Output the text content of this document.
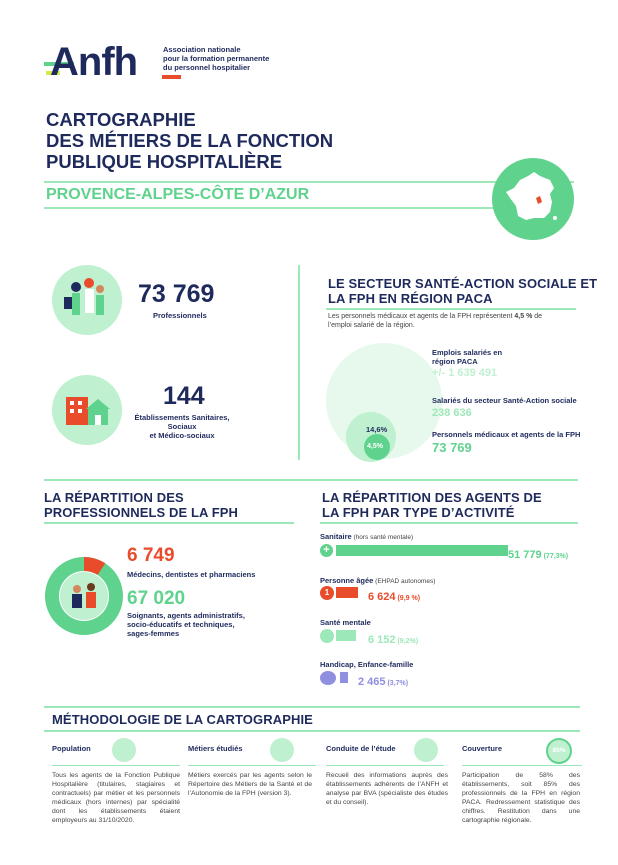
Anfh	Association nationale
pour la formation permanente
du personnel hospitalier
CARTOGRAPHIE
DES MÉTIERS DE LA FONCTION
PUBLIQUE HOSPITALIÈRE
PROVENCE-ALPES-CÔTE D’AZUR
73 769
Professionnels
144
Établissements Sanitaires,
Sociaux
et Médico-sociaux
LE SECTEUR SANTÉ-ACTION SOCIALE ET
LA FPH EN RÉGION PACA
Les personnels médicaux et agents de la FPH représentent 4,5 % de
l’emploi salarié de la région.
14,6%
4,5%
Emplois salariés en
région PACA
+/- 1 639 491
Salariés du secteur Santé-Action sociale
238 636
Personnels médicaux et agents de la FPH
73 769
LA RÉPARTITION DES
PROFESSIONNELS DE LA FPH
6 749
Médecins, dentistes et pharmaciens
67 020
Soignants, agents administratifs,
socio-éducatifs et techniques,
sages-femmes
LA RÉPARTITION DES AGENTS DE
LA FPH PAR TYPE D’ACTIVITÉ
Sanitaire (hors santé mentale)
+	51 779 (77,3%)
Personne âgée (EHPAD autonomes)
1	6 624 (9,9 %)
Santé mentale
6 152 (9,2%)
Handicap, Enfance-famille
2 465 (3,7%)
MÉTHODOLOGIE DE LA CARTOGRAPHIE
Population
Tous les agents de la Fonction Publique Hospitalière (titulaires, stagiaires et contractuels) par métier et les personnels médicaux (hors internes) par spécialité dont les établissements étaient employeurs au 31/10/2020.
Métiers étudiés
Métiers exercés par les agents selon le Répertoire des Métiers de la Santé et de l’Autonomie de la FPH (version 3).
Conduite de l’étude
Recueil des informations auprès des établissements adhérents de l’ANFH et analyse par BVA (spécialiste des études et du conseil).
Couverture	85%
Participation de 58% des établissements, soit 85% des professionnels de la FPH en région PACA. Redressement statistique des chiffres. Restitution dans une cartographie régionale.
